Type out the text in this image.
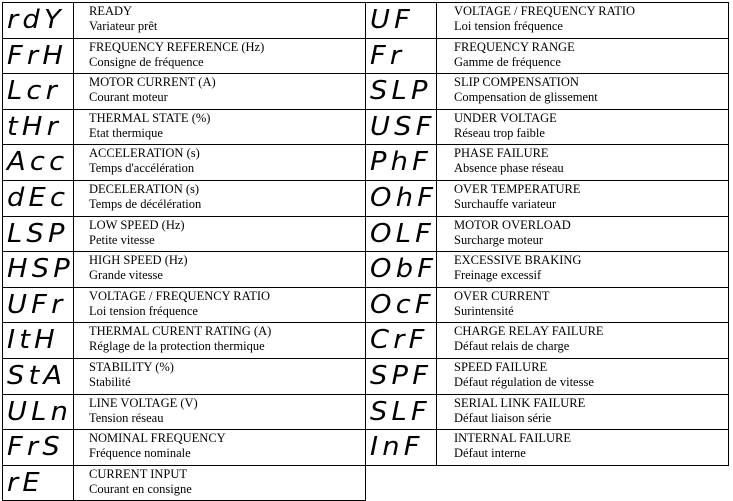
rdY READY
Variateur prêt
FrH FREQUENCY REFERENCE (Hz)
Consigne de fréquence
Lcr MOTOR CURRENT (A)
Courant moteur
tHr THERMAL STATE (%)
Etat thermique
Acc ACCELERATION (s)
Temps d'accélération
dEc DECELERATION (s)
Temps de décélération
LSP LOW SPEED (Hz)
Petite vitesse
HSP HIGH SPEED (Hz)
Grande vitesse
UFr VOLTAGE / FREQUENCY RATIO
Loi tension fréquence
ItH THERMAL CURENT RATING (A)
Réglage de la protection thermique
StA STABILITY (%)
Stabilité
ULn LINE VOLTAGE (V)
Tension réseau
FrS NOMINAL FREQUENCY
Fréquence nominale
rE	CURRENT INPUT
Courant en consigne
UF	VOLTAGE / FREQUENCY RATIO
Loi tension fréquence
Fr	FREQUENCY RANGE
Gamme de fréquence
SLP SLIP COMPENSATION
Compensation de glissement
USF UNDER VOLTAGE
Réseau trop faible
PhF PHASE FAILURE
Absence phase réseau
OhF OVER TEMPERATURE
Surchauffe variateur
OLF MOTOR OVERLOAD
Surcharge moteur
ObF EXCESSIVE BRAKING
Freinage excessif
OcF OVER CURRENT
Surintensité
CrF CHARGE RELAY FAILURE
Défaut relais de charge
SPF SPEED FAILURE
Défaut régulation de vitesse
SLF SERIAL LINK FAILURE
Défaut liaison série
InF INTERNAL FAILURE
Défaut interne
